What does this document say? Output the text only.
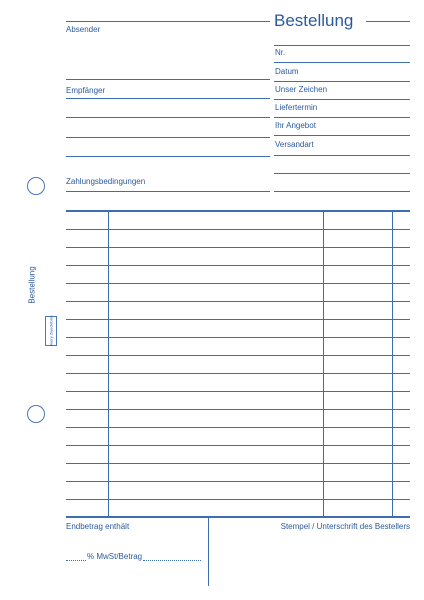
Bestellung
Absender
Empfänger
Zahlungsbedingungen
Nr.
Datum
Unser Zeichen
Liefertermin
Ihr Angebot
Versandart
Bestellung
Avery Zweckform
Endbetrag enthält	Stempel / Unterschrift des Bestellers
% MwSt/Betrag
